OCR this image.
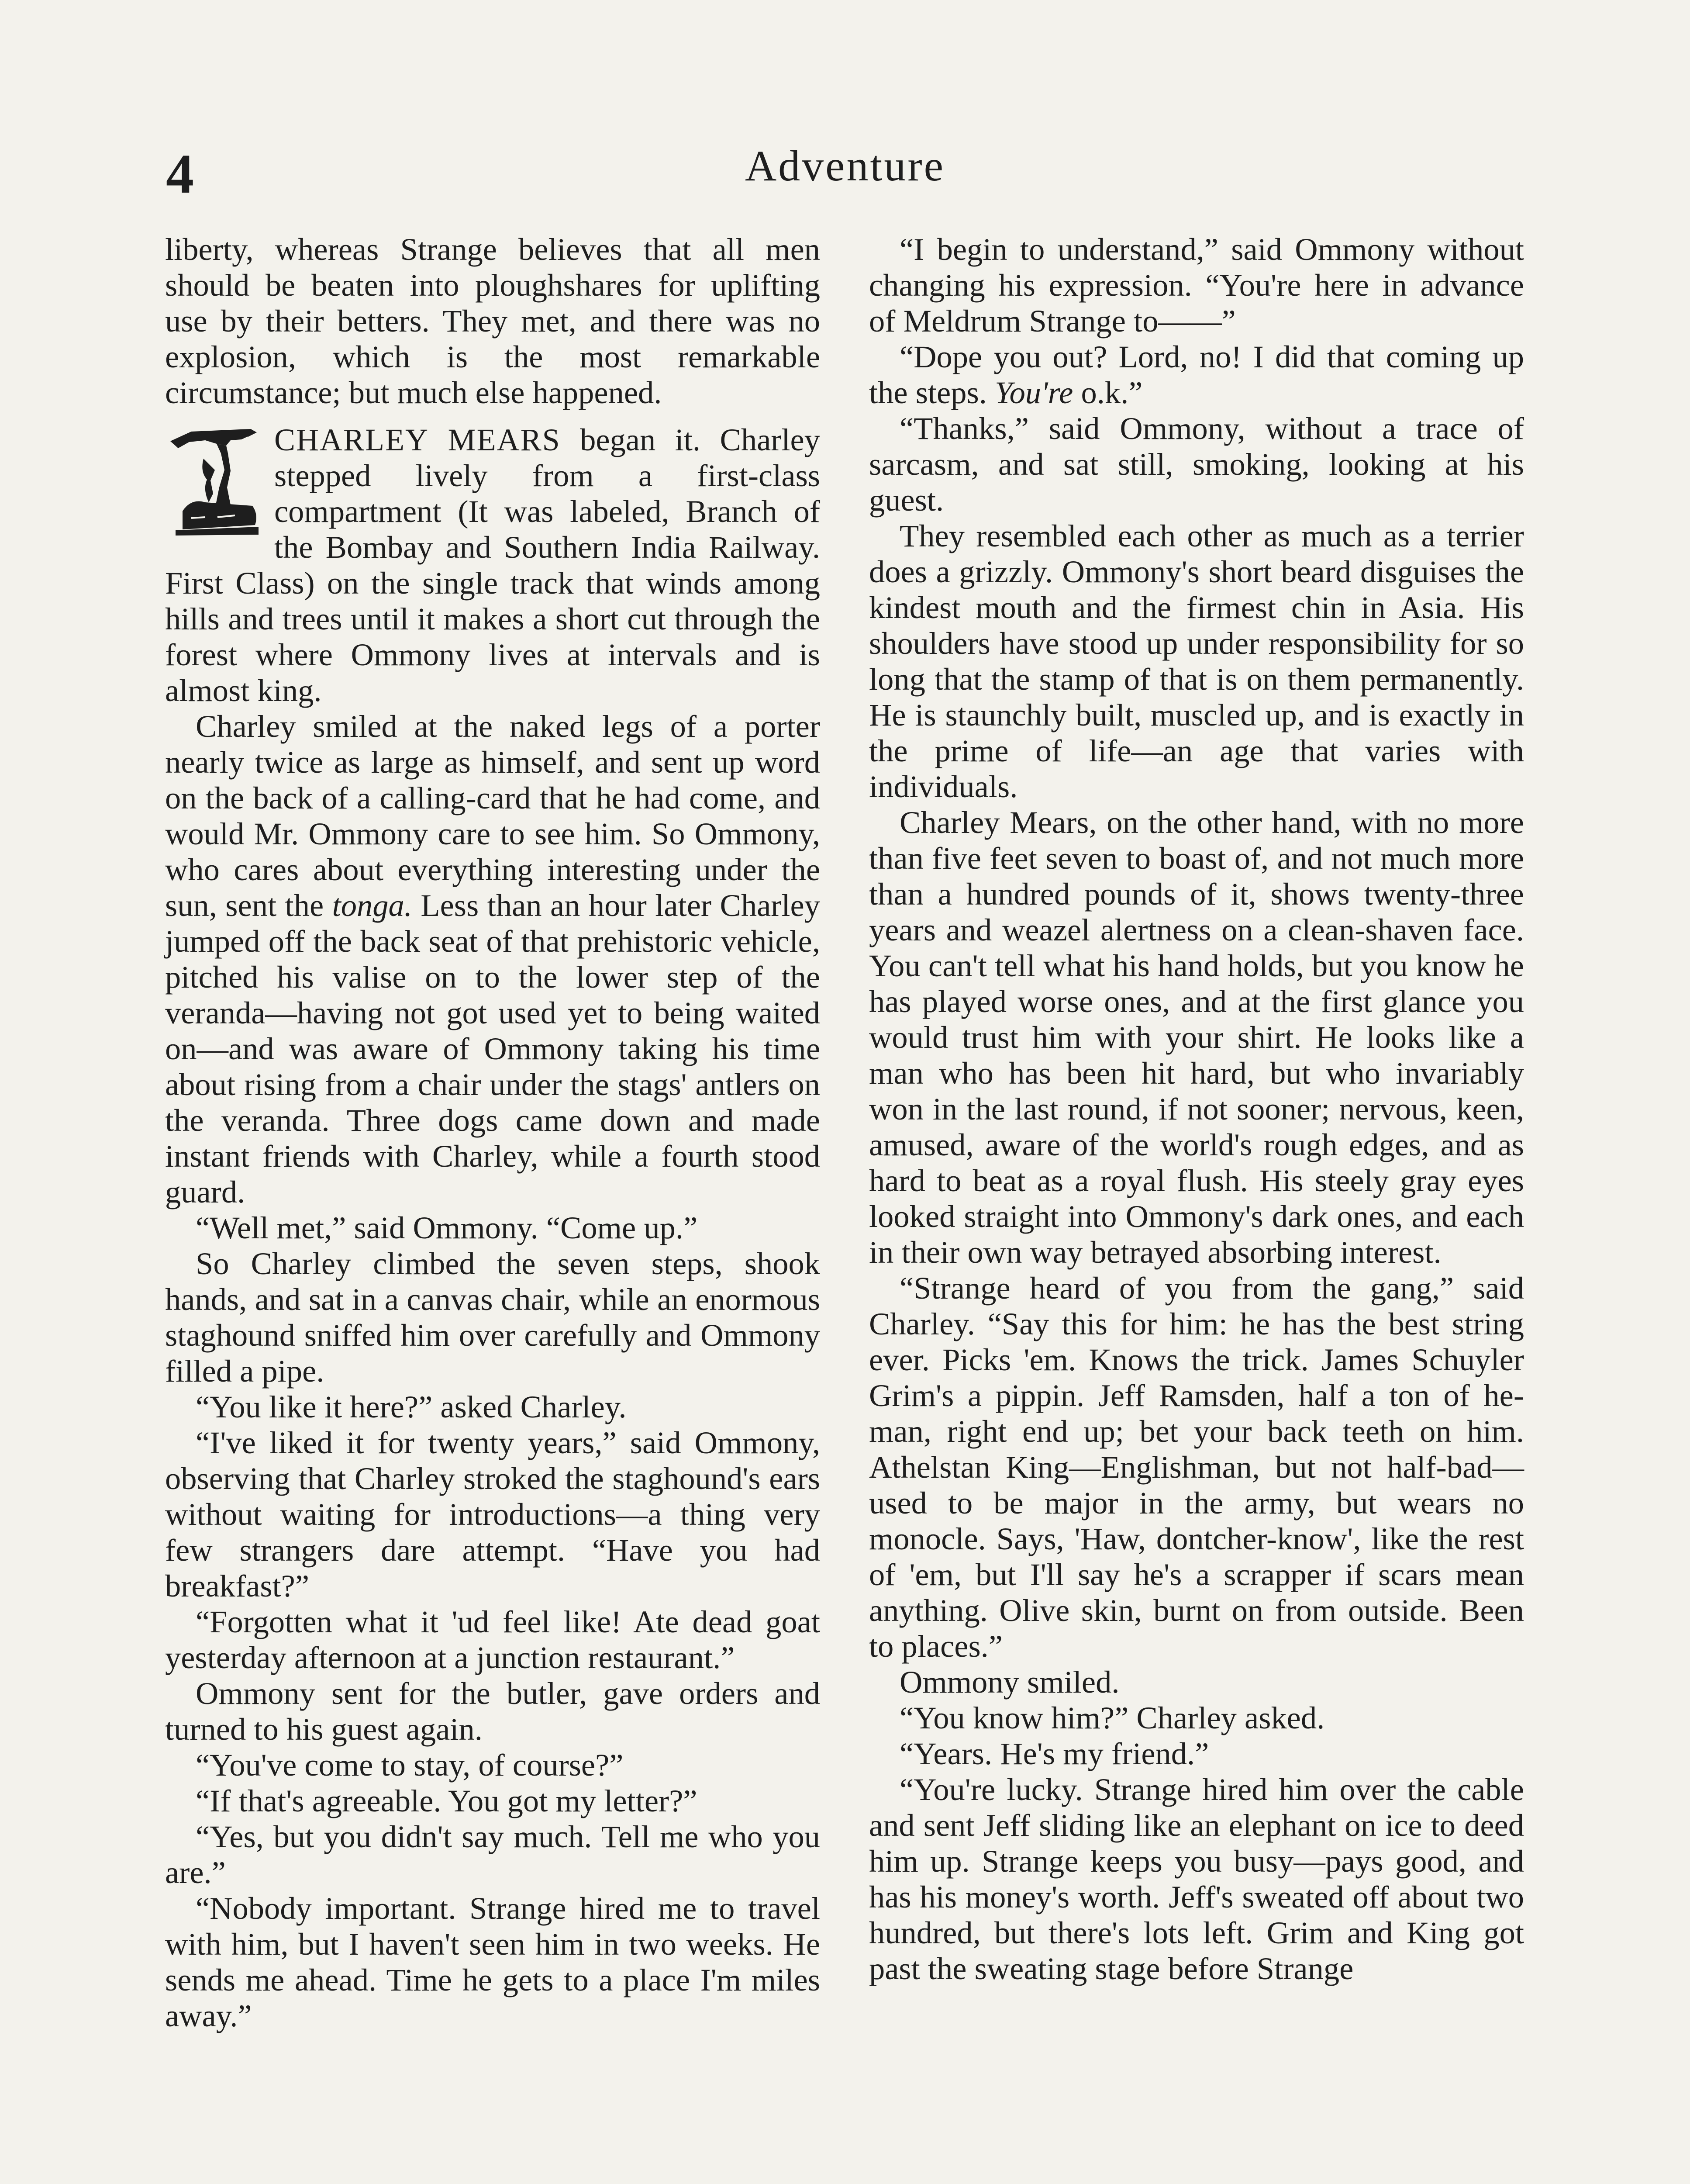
4	Adventure

liberty, whereas Strange believes that all men should be beaten into ploughshares for uplifting use by their betters. They met, and there was no explosion, which is the most remarkable circumstance; but much else happened.

CHARLEY MEARS began it. Charley stepped lively from a first-class compartment (It was labeled, Branch of the Bombay and Southern India Railway. First Class) on the single track that winds among hills and trees until it makes a short cut through the forest where Ommony lives at intervals and is almost king.

Charley smiled at the naked legs of a porter nearly twice as large as himself, and sent up word on the back of a calling-card that he had come, and would Mr. Ommony care to see him. So Ommony, who cares about everything interesting under the sun, sent the tonga. Less than an hour later Charley jumped off the back seat of that prehistoric vehicle, pitched his valise on to the lower step of the veranda—having not got used yet to being waited on—and was aware of Ommony taking his time about rising from a chair under the stags' antlers on the veranda. Three dogs came down and made instant friends with Charley, while a fourth stood guard.

“Well met,” said Ommony. “Come up.”

So Charley climbed the seven steps, shook hands, and sat in a canvas chair, while an enormous staghound sniffed him over carefully and Ommony filled a pipe.

“You like it here?” asked Charley.

“I've liked it for twenty years,” said Ommony, observing that Charley stroked the staghound's ears without waiting for introductions—a thing very few strangers dare attempt. “Have you had breakfast?”

“Forgotten what it 'ud feel like! Ate dead goat yesterday afternoon at a junction restaurant.”

Ommony sent for the butler, gave orders and turned to his guest again.

“You've come to stay, of course?”

“If that's agreeable. You got my letter?”

“Yes, but you didn't say much. Tell me who you are.”

“Nobody important. Strange hired me to travel with him, but I haven't seen him in two weeks. He sends me ahead. Time he gets to a place I'm miles away.”

“I begin to understand,” said Ommony without changing his expression. “You're here in advance of Meldrum Strange to——”

“Dope you out? Lord, no! I did that coming up the steps. You're o.k.”

“Thanks,” said Ommony, without a trace of sarcasm, and sat still, smoking, looking at his guest.

They resembled each other as much as a terrier does a grizzly. Ommony's short beard disguises the kindest mouth and the firmest chin in Asia. His shoulders have stood up under responsibility for so long that the stamp of that is on them permanently. He is staunchly built, muscled up, and is exactly in the prime of life—an age that varies with individuals.

Charley Mears, on the other hand, with no more than five feet seven to boast of, and not much more than a hundred pounds of it, shows twenty-three years and weazel alertness on a clean-shaven face. You can't tell what his hand holds, but you know he has played worse ones, and at the first glance you would trust him with your shirt. He looks like a man who has been hit hard, but who invariably won in the last round, if not sooner; nervous, keen, amused, aware of the world's rough edges, and as hard to beat as a royal flush. His steely gray eyes looked straight into Ommony's dark ones, and each in their own way betrayed absorbing interest.

“Strange heard of you from the gang,” said Charley. “Say this for him: he has the best string ever. Picks 'em. Knows the trick. James Schuyler Grim's a pippin. Jeff Ramsden, half a ton of he-man, right end up; bet your back teeth on him. Athelstan King—Englishman, but not half-bad—used to be major in the army, but wears no monocle. Says, 'Haw, dontcher-know', like the rest of 'em, but I'll say he's a scrapper if scars mean anything. Olive skin, burnt on from outside. Been to places.”

Ommony smiled.

“You know him?” Charley asked.

“Years. He's my friend.”

“You're lucky. Strange hired him over the cable and sent Jeff sliding like an elephant on ice to deed him up. Strange keeps you busy—pays good, and has his money's worth. Jeff's sweated off about two hundred, but there's lots left. Grim and King got past the sweating stage before Strange
